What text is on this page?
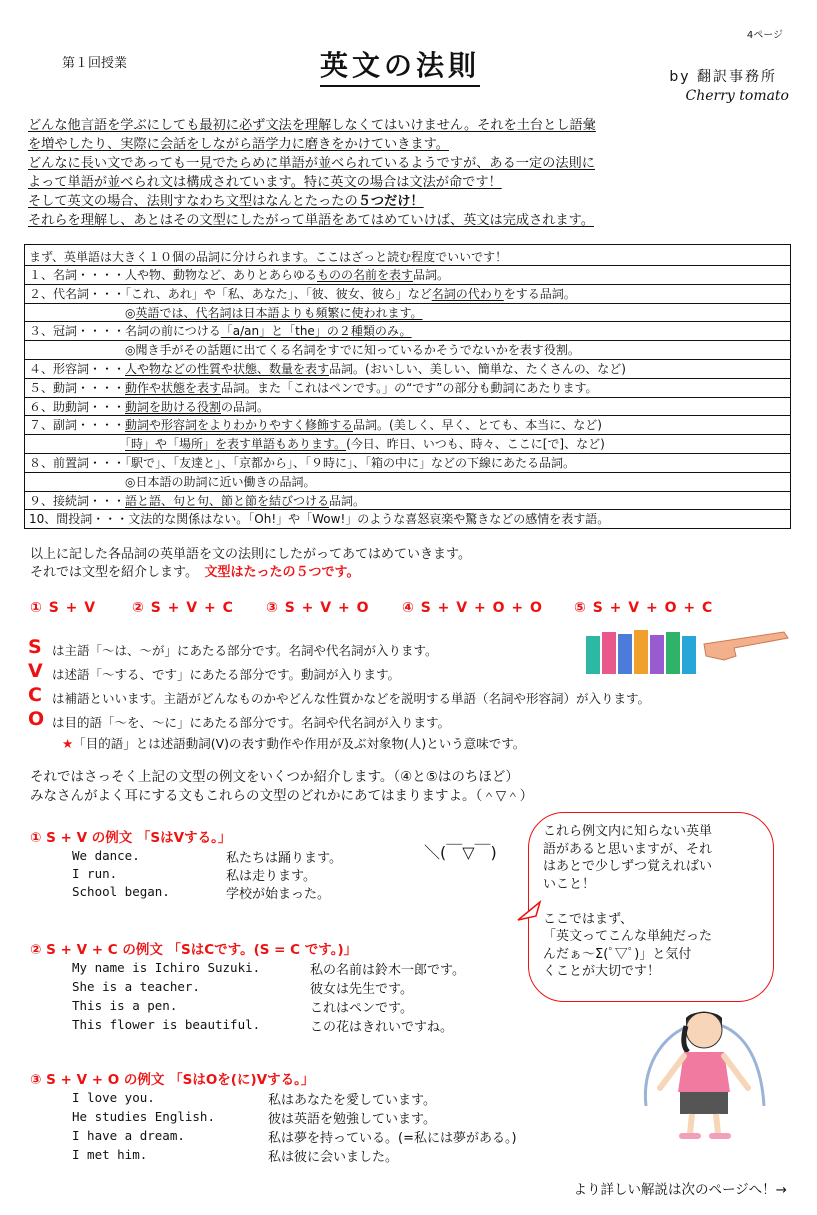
4ページ
第１回授業	英文の法則	by 翻訳事務所
Cherry tomato
どんな他言語を学ぶにしても最初に必ず文法を理解しなくてはいけません。それを土台とし語彙
を増やしたり、実際に会話をしながら語学力に磨きをかけていきます。
どんなに長い文であっても一見でたらめに単語が並べられているようですが、ある一定の法則に
よって単語が並べられ文は構成されています。特に英文の場合は文法が命です！
そして英文の場合、法則すなわち文型はなんとたったの５つだけ！
それらを理解し、あとはその文型にしたがって単語をあてはめていけば、英文は完成されます。
まず、英単語は大きく１０個の品詞に分けられます。ここはざっと読む程度でいいです！
１、名詞・・・・人や物、動物など、ありとあらゆるものの名前を表す品詞。
２、代名詞・・・「これ、あれ」や「私、あなた」、「彼、彼女、彼ら」など名詞の代わりをする品詞。
　　　　　　　　◎英語では、代名詞は日本語よりも頻繁に使われます。
３、冠詞・・・・名詞の前につける「a/an」と「the」の２種類のみ。
　　　　　　　　◎聞き手がその話題に出てくる名詞をすでに知っているかそうでないかを表す役割。
４、形容詞・・・人や物などの性質や状態、数量を表す品詞。(おいしい、美しい、簡単な、たくさんの、など)
５、動詞・・・・動作や状態を表す品詞。また「これはペンです。」の“です”の部分も動詞にあたります。
６、助動詞・・・動詞を助ける役割の品詞。
７、副詞・・・・動詞や形容詞をよりわかりやすく修飾する品詞。(美しく、早く、とても、本当に、など)
　　　　　　　　「時」や「場所」を表す単語もあります。(今日、昨日、いつも、時々、ここに[で]、など)
８、前置詞・・・「駅で」、「友達と」、「京都から」、「９時に」、「箱の中に」などの下線にあたる品詞。
　　　　　　　　◎日本語の助詞に近い働きの品詞。
９、接続詞・・・語と語、句と句、節と節を結びつける品詞。
10、間投詞・・・文法的な関係はない。「Oh!」や「Wow!」のような喜怒哀楽や驚きなどの感情を表す語。
以上に記した各品詞の英単語を文の法則にしたがってあてはめていきます。
それでは文型を紹介します。　 文型はたったの５つです。
① S + V	② S + V + C ③ S + V + O ④ S + V + O + O ⑤ S + V + O + C
S は主語「～は、～が」にあたる部分です。名詞や代名詞が入ります。
V は述語「～する、です」にあたる部分です。動詞が入ります。
C は補語といいます。主語がどんなものかやどんな性質かなどを説明する単語（名詞や形容詞）が入ります。
O は目的語「～を、～に」にあたる部分です。名詞や代名詞が入ります。
★「目的語」とは述語動詞(V)の表す動作や作用が及ぶ対象物(人)という意味です。
それではさっそく上記の文型の例文をいくつか紹介します。（④と⑤はのちほど）
みなさんがよく耳にする文もこれらの文型のどれかにあてはまりますよ。（＾▽＾）
① S + V の例文 「SはVする。」
We dance.	私たちは踊ります。
I run.	私は走ります。
School began.	学校が始まった。
＼(￣▽￣)
② S + V + C の例文 「SはCです。(S = C です。)」
My name is Ichiro Suzuki.	私の名前は鈴木一郎です。
She is a teacher.	彼女は先生です。
This is a pen.	これはペンです。
This flower is beautiful.	この花はきれいですね。
③ S + V + O の例文 「SはOを(に)Vする。」
I love you.	私はあなたを愛しています。
He studies English.	彼は英語を勉強しています。
I have a dream.	私は夢を持っている。(=私には夢がある。)
I met him.	私は彼に会いました。
これら例文内に知らない英単
語があると思いますが、それ
はあとで少しずつ覚えればい
いこと！
ここではまず、
「英文ってこんな単純だった
んだぁ～Σ(ﾟ▽ﾟ)」と気付
くことが大切です！
より詳しい解説は次のページへ！→
